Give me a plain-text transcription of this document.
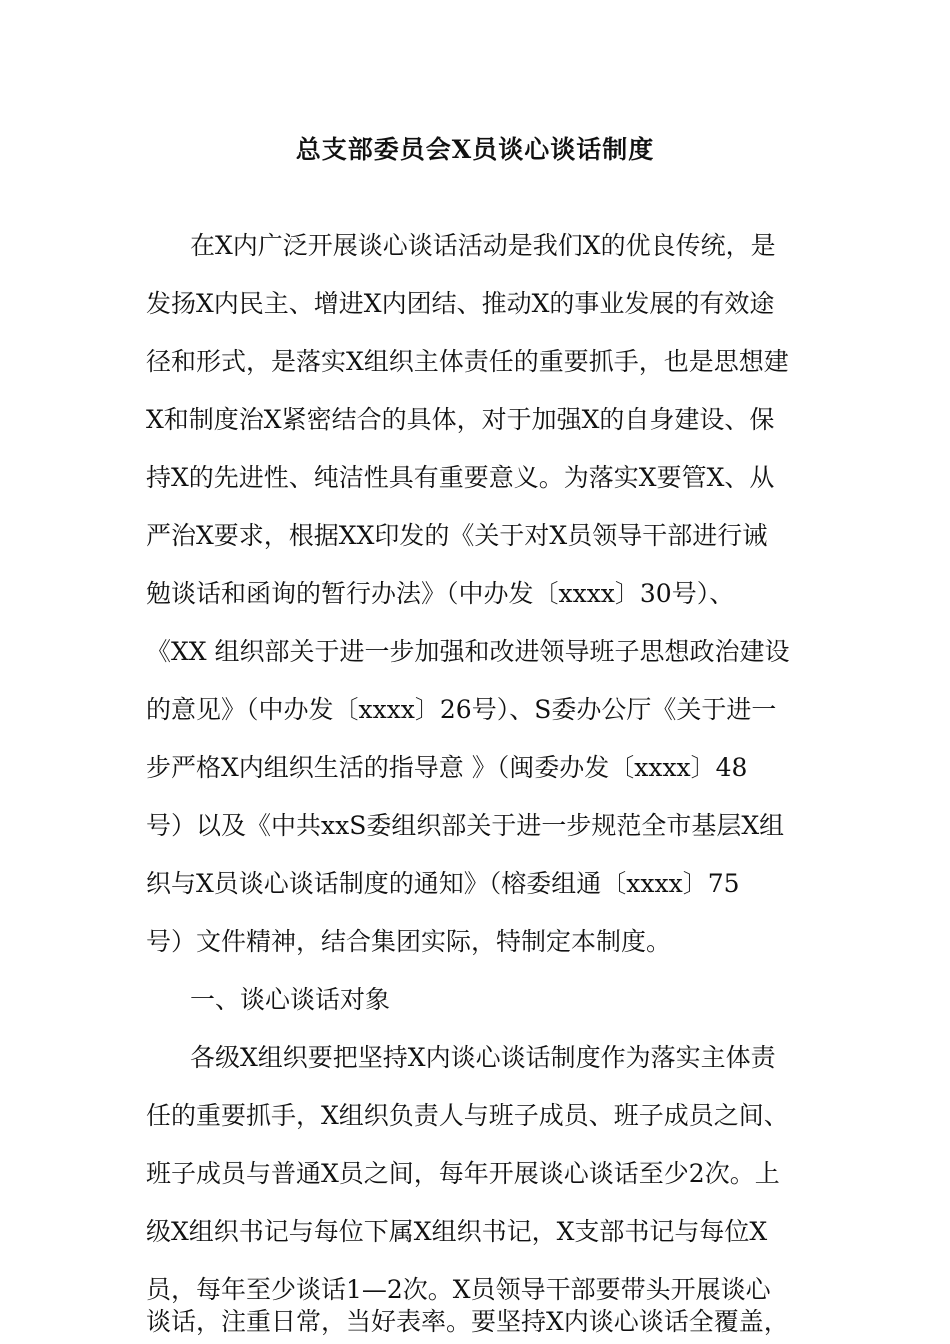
总支部委员会X员谈心谈话制度
在X内广泛开展谈心谈话活动是我们X的优良传统，是
发扬X内民主、增进X内团结、推动X的事业发展的有效途
径和形式，是落实X组织主体责任的重要抓手，也是思想建
X和制度治X紧密结合的具体，对于加强X的自身建设、保
持X的先进性、纯洁性具有重要意义。为落实X要管X、从
严治X要求，根据XX印发的《关于对X员领导干部进行诫
勉谈话和函询的暂行办法》（中办发〔xxxx〕30号）、
《XX 组织部关于进一步加强和改进领导班子思想政治建设
的意见》（中办发〔xxxx〕26号）、S委办公厅《关于进一
步严格X内组织生活的指导意 》（闽委办发〔xxxx〕48
号）以及《中共xxS委组织部关于进一步规范全市基层X组
织与X员谈心谈话制度的通知》（榕委组通〔xxxx〕75
号）文件精神，结合集团实际，特制定本制度。
一、谈心谈话对象
各级X组织要把坚持X内谈心谈话制度作为落实主体责
任的重要抓手，X组织负责人与班子成员、班子成员之间、
班子成员与普通X员之间，每年开展谈心谈话至少2次。上
级X组织书记与每位下属X组织书记，X支部书记与每位X
员，每年至少谈话1—2次。X员领导干部要带头开展谈心
谈话，注重日常，当好表率。要坚持X内谈心谈话全覆盖，
